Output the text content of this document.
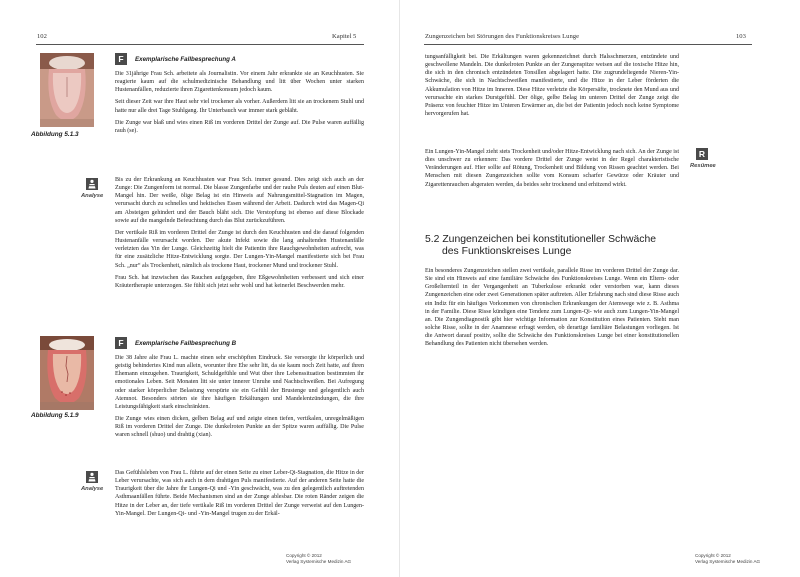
102	Kapitel 5
Abbildung 5.1.3
F	Exemplarische Fallbesprechung A

Die 31jährige Frau Sch. arbeitete als Journalistin. Vor einem Jahr erkrankte sie an Keuchhusten. Sie reagierte kaum auf die schulmedizinische Behandlung und litt über Wochen unter starken Hustenanfällen, reduzierte ihren Zigarettenkonsum jedoch kaum.

Seit dieser Zeit war ihre Haut sehr viel trockener als vorher. Außerdem litt sie an trockenem Stuhl und hatte nur alle drei Tage Stuhlgang. Ihr Unterbauch war immer stark gebläht.

Die Zunge war blaß und wies einen Riß im vorderen Drittel der Zunge auf. Die Pulse waren auffällig rauh (se).

Analyse

Bis zu der Erkrankung an Keuchhusten war Frau Sch. immer gesund. Dies zeigt sich auch an der Zunge: Die Zungenform ist normal. Die blasse Zungenfarbe und der rauhe Puls deuten auf einen Blut-Mangel hin. Der weiße, ölige Belag ist ein Hinweis auf Nahrungsmittel-Stagnation im Magen, verursacht durch zu schnelles und hektisches Essen während der Arbeit. Dadurch wird das Magen-Qi am Absteigen gehindert und der Bauch bläht sich. Die Verstopfung ist ebenso auf diese Blockade sowie auf die mangelnde Befeuchtung durch das Blut zurückzuführen.

Der vertikale Riß im vorderen Drittel der Zunge ist durch den Keuchhusten und die darauf folgenden Hustenanfälle verursacht worden. Der akute Infekt sowie die lang anhaltenden Hustenanfälle verletzten das Yin der Lunge. Gleichzeitig hielt die Patientin ihre Rauchgewohnheiten aufrecht, was für eine zusätzliche Hitze-Entwicklung sorgte. Der Lungen-Yin-Mangel manifestierte sich bei Frau Sch. „nur“ als Trockenheit, nämlich als trockene Haut, trockener Mund und trockener Stuhl.

Frau Sch. hat inzwischen das Rauchen aufgegeben, ihre Eßgewohnheiten verbessert und sich einer Kräutertherapie unterzogen. Sie fühlt sich jetzt sehr wohl und hat keinerlei Beschwerden mehr.

Abbildung 5.1.9
F	Exemplarische Fallbesprechung B

Die 38 Jahre alte Frau L. machte einen sehr erschöpften Eindruck. Sie versorgte ihr körperlich und geistig behindertes Kind nun allein, worunter ihre Ehe sehr litt, da sie kaum noch Zeit hatte, auf ihren Ehemann einzugehen. Traurigkeit, Schuldgefühle und Wut über ihre Lebenssituation bestimmten ihr emotionales Leben. Seit Monaten litt sie unter innerer Unruhe und Nachtschweißen. Bei Aufregung oder starker körperlicher Belastung verspürte sie ein Gefühl der Brustenge und gelegentlich auch Atemnot. Besonders störten sie ihre häufigen Erkältungen und Mandelentzündungen, die ihre Leistungsfähigkeit stark einschränkten.

Die Zunge wies einen dicken, gelben Belag auf und zeigte einen tiefen, vertikalen, unregelmäßigen Riß im vorderen Drittel der Zunge. Die dunkelroten Punkte an der Spitze waren auffällig. Die Pulse waren schnell (shuo) und drahtig (xian).

Analyse

Das Gefühlsleben von Frau L. führte auf der einen Seite zu einer Leber-Qi-Stagnation, die Hitze in der Leber verursachte, was sich auch in dem drahtigen Puls manifestierte. Auf der anderen Seite hatte die Traurigkeit über die Jahre ihr Lungen-Qi und -Yin geschwächt, was zu den gelegentlich auftretenden Asthmaanfällen führte. Beide Mechanismen sind an der Zunge ablesbar. Die roten Ränder zeigen die Hitze in der Leber an, der tiefe vertikale Riß im vorderen Drittel der Zunge verweist auf den Lungen-Yin-Mangel. Der Lungen-Qi- und -Yin-Mangel trugen zu der Erkäl-

Zungenzeichen bei Störungen des Funktionskreises Lunge	103
tungsanfälligkeit bei. Die Erkältungen waren gekennzeichnet durch Halsschmerzen, entzündete und geschwollene Mandeln. Die dunkelroten Punkte an der Zungenspitze weisen auf die toxische Hitze hin, die sich in den chronisch entzündeten Tonsillen abgelagert hatte. Die zugrundeliegende Nieren-Yin-Schwäche, die sich in Nachtschweißen manifestierte, und die Hitze in der Leber förderten die Akkumulation von Hitze im Inneren. Diese Hitze verletzte die Körpersäfte, trocknete den Mund aus und verursachte ein starkes Durstgefühl. Der ölige, gelbe Belag im unteren Drittel der Zunge zeigt die Präsenz von feuchter Hitze im Unteren Erwärmer an, die bei der Patientin jedoch noch keine Symptome hervorgerufen hat.
R
Resümee
Ein Lungen-Yin-Mangel zieht stets Trockenheit und/oder Hitze-Entwicklung nach sich. An der Zunge ist dies unschwer zu erkennen: Das vordere Drittel der Zunge weist in der Regel charakteristische Veränderungen auf. Hier sollte auf Rötung, Trockenheit und Bildung von Rissen geachtet werden. Bei Menschen mit diesen Zungenzeichen sollte vom Konsum scharfer Gewürze oder Kräuter und Zigarettenrauchen abgeraten werden, da beides sehr trocknend und erhitzend wirkt.
5.2 Zungenzeichen bei konstitutioneller Schwäche
des Funktionskreises Lunge
Ein besonderes Zungenzeichen stellen zwei vertikale, parallele Risse im vorderen Drittel der Zunge dar. Sie sind ein Hinweis auf eine familiäre Schwäche des Funktionskreises Lunge. Wenn ein Eltern- oder Großelternteil in der Vergangenheit an Tuberkulose erkrankt oder verstorben war, kann dieses Zungenzeichen eine oder zwei Generationen später auftreten. Aller Erfahrung nach sind diese Risse auch ein Indiz für ein häufiges Vorkommen von chronischen Erkrankungen der Atemwege wie z. B. Asthma in der Familie. Diese Risse kündigen eine Tendenz zum Lungen-Qi- wie auch zum Lungen-Yin-Mangel an. Die Zungendiagnostik gibt hier wichtige Information zur Konstitution eines Patienten. Sieht man solche Risse, sollte in der Anamnese erfragt werden, ob derartige familiäre Belastungen vorliegen. Ist die Antwort darauf positiv, sollte die Schwäche des Funktionskreises Lunge bei einer konstitutionellen Behandlung des Patienten nicht übersehen werden.
Copyright © 2012
Verlag Systemische Medizin AG
Copyright © 2012
Verlag Systemische Medizin AG
